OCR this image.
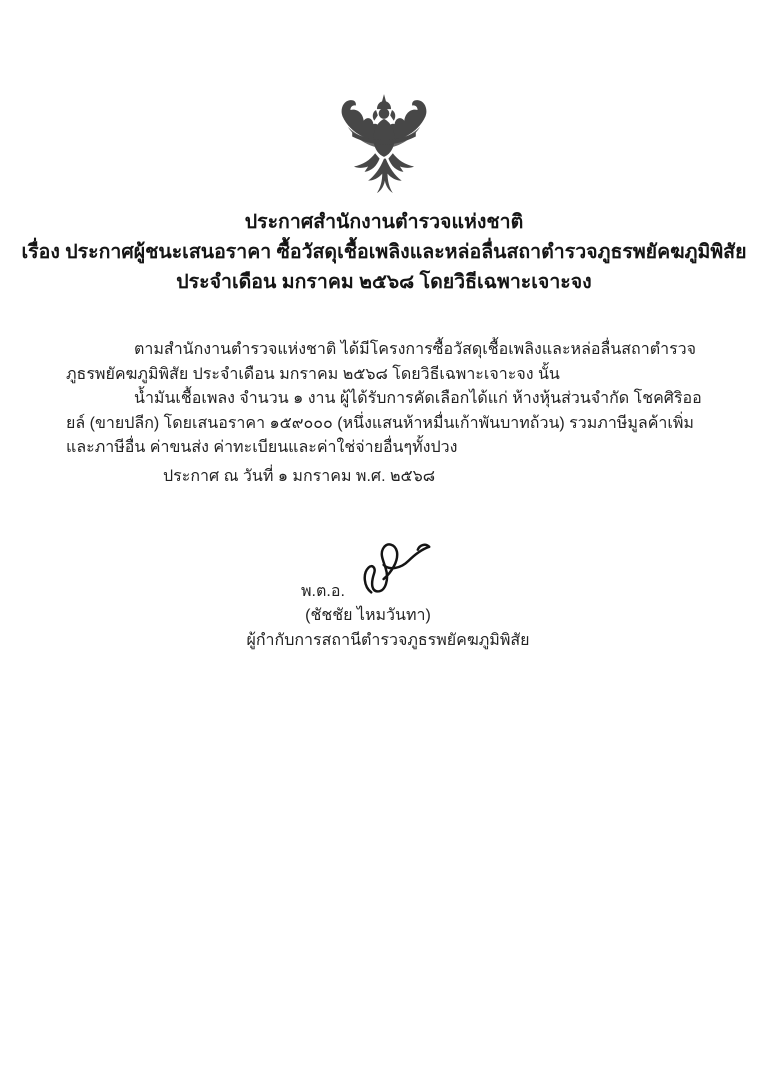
ประกาศสำนักงานตำรวจแห่งชาติ
เรื่อง ประกาศผู้ชนะเสนอราคา ซื้อวัสดุเชื้อเพลิงและหล่อลื่นสถาตำรวจภูธรพยัคฆภูมิพิสัย
ประจำเดือน มกราคม ๒๕๖๘ โดยวิธีเฉพาะเจาะจง

ตามสำนักงานตำรวจแห่งชาติ ได้มีโครงการซื้อวัสดุเชื้อเพลิงและหล่อลื่นสถาตำรวจภูธรพยัคฆภูมิพิสัย ประจำเดือน มกราคม ๒๕๖๘ โดยวิธีเฉพาะเจาะจง นั้น

น้ำมันเชื้อเพลง จำนวน ๑ งาน ผู้ได้รับการคัดเลือกได้แก่ ห้างหุ้นส่วนจำกัด โชคศิริออยล์ (ขายปลีก) โดยเสนอราคา ๑๕๙๐๐๐ (หนึ่งแสนห้าหมื่นเก้าพันบาทถ้วน) รวมภาษีมูลค้าเพิ่มและภาษีอื่น ค่าขนส่ง ค่าทะเบียนและค่าใช่จ่ายอื่นๆทั้งปวง

ประกาศ ณ วันที่ ๑ มกราคม พ.ศ. ๒๕๖๘
พ.ต.อ.
(ชัชชัย ไหมวันทา)
ผู้กำกับการสถานีตำรวจภูธรพยัคฆภูมิพิสัย
